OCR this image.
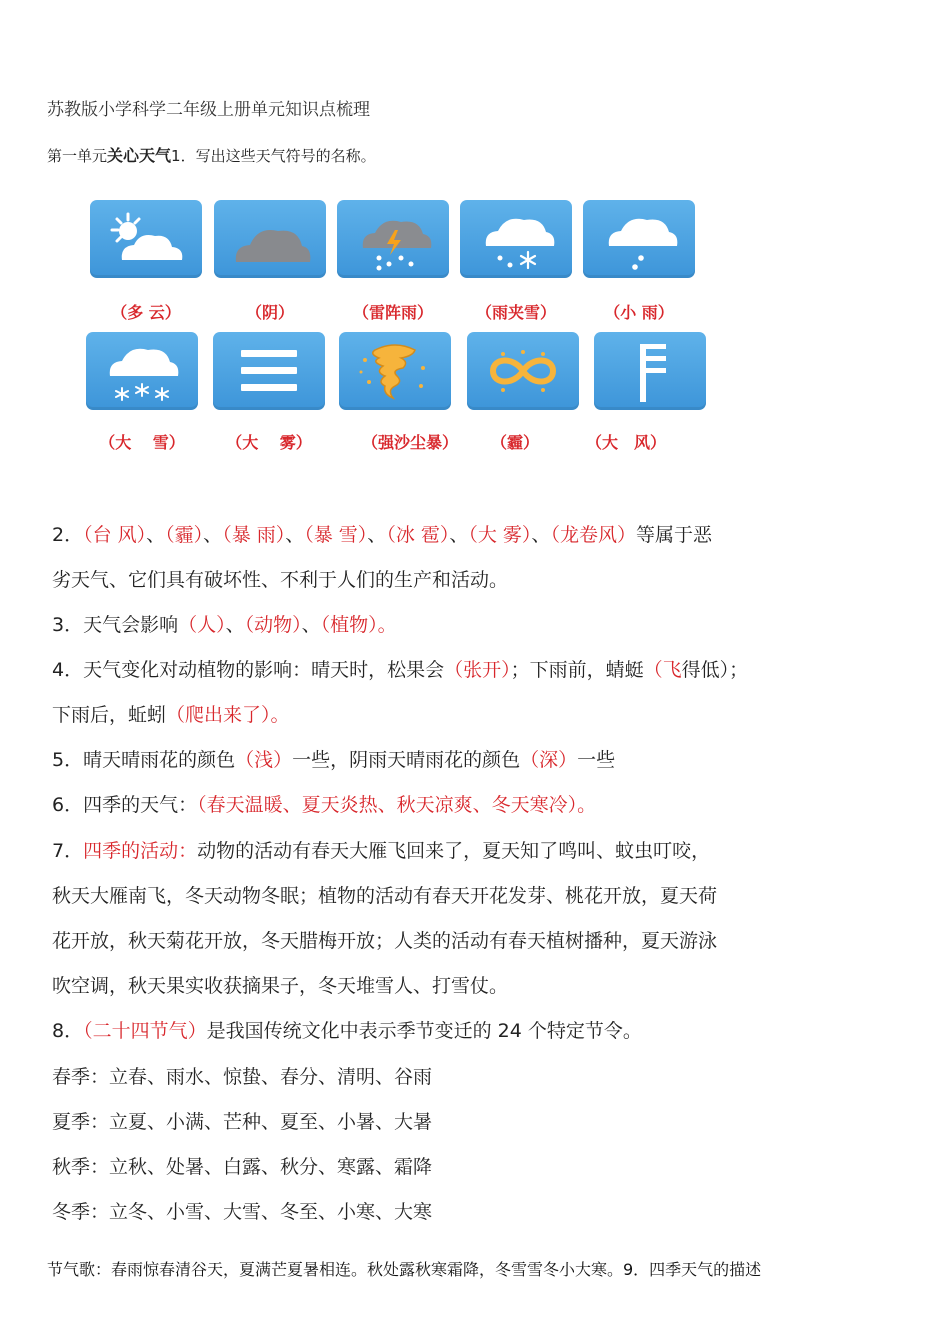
苏教版小学科学二年级上册单元知识点梳理
第一单元关心天气1．写出这些天气符号的名称。
（多 云）	（阴）	（雷阵雨）	（雨夹雪）	（小 雨）
（大　 雪）	（大　 雾）	（强沙尘暴）	（霾）	（大　风）
2．（台 风）、（霾）、（暴 雨）、（暴 雪）、（冰 雹）、（大 雾）、（龙卷风）等属于恶
劣天气、它们具有破坏性、不利于人们的生产和活动。
3．天气会影响（人）、（动物）、（植物）。
4．天气变化对动植物的影响：晴天时，松果会（张开）；下雨前，蜻蜓（飞得低）；
下雨后，蚯蚓（爬出来了）。
5．晴天晴雨花的颜色（浅）一些，阴雨天晴雨花的颜色（深）一些
6．四季的天气：（春天温暖、夏天炎热、秋天凉爽、冬天寒冷）。
7．四季的活动：动物的活动有春天大雁飞回来了，夏天知了鸣叫、蚊虫叮咬，
秋天大雁南飞，冬天动物冬眠；植物的活动有春天开花发芽、桃花开放，夏天荷
花开放，秋天菊花开放，冬天腊梅开放；人类的活动有春天植树播种，夏天游泳
吹空调，秋天果实收获摘果子，冬天堆雪人、打雪仗。
8．（二十四节气）是我国传统文化中表示季节变迁的 24 个特定节令。
春季：立春、雨水、惊蛰、春分、清明、谷雨
夏季：立夏、小满、芒种、夏至、小暑、大暑
秋季：立秋、处暑、白露、秋分、寒露、霜降
冬季：立冬、小雪、大雪、冬至、小寒、大寒
节气歌：春雨惊春清谷天，夏满芒夏暑相连。秋处露秋寒霜降，冬雪雪冬小大寒。9．四季天气的描述
